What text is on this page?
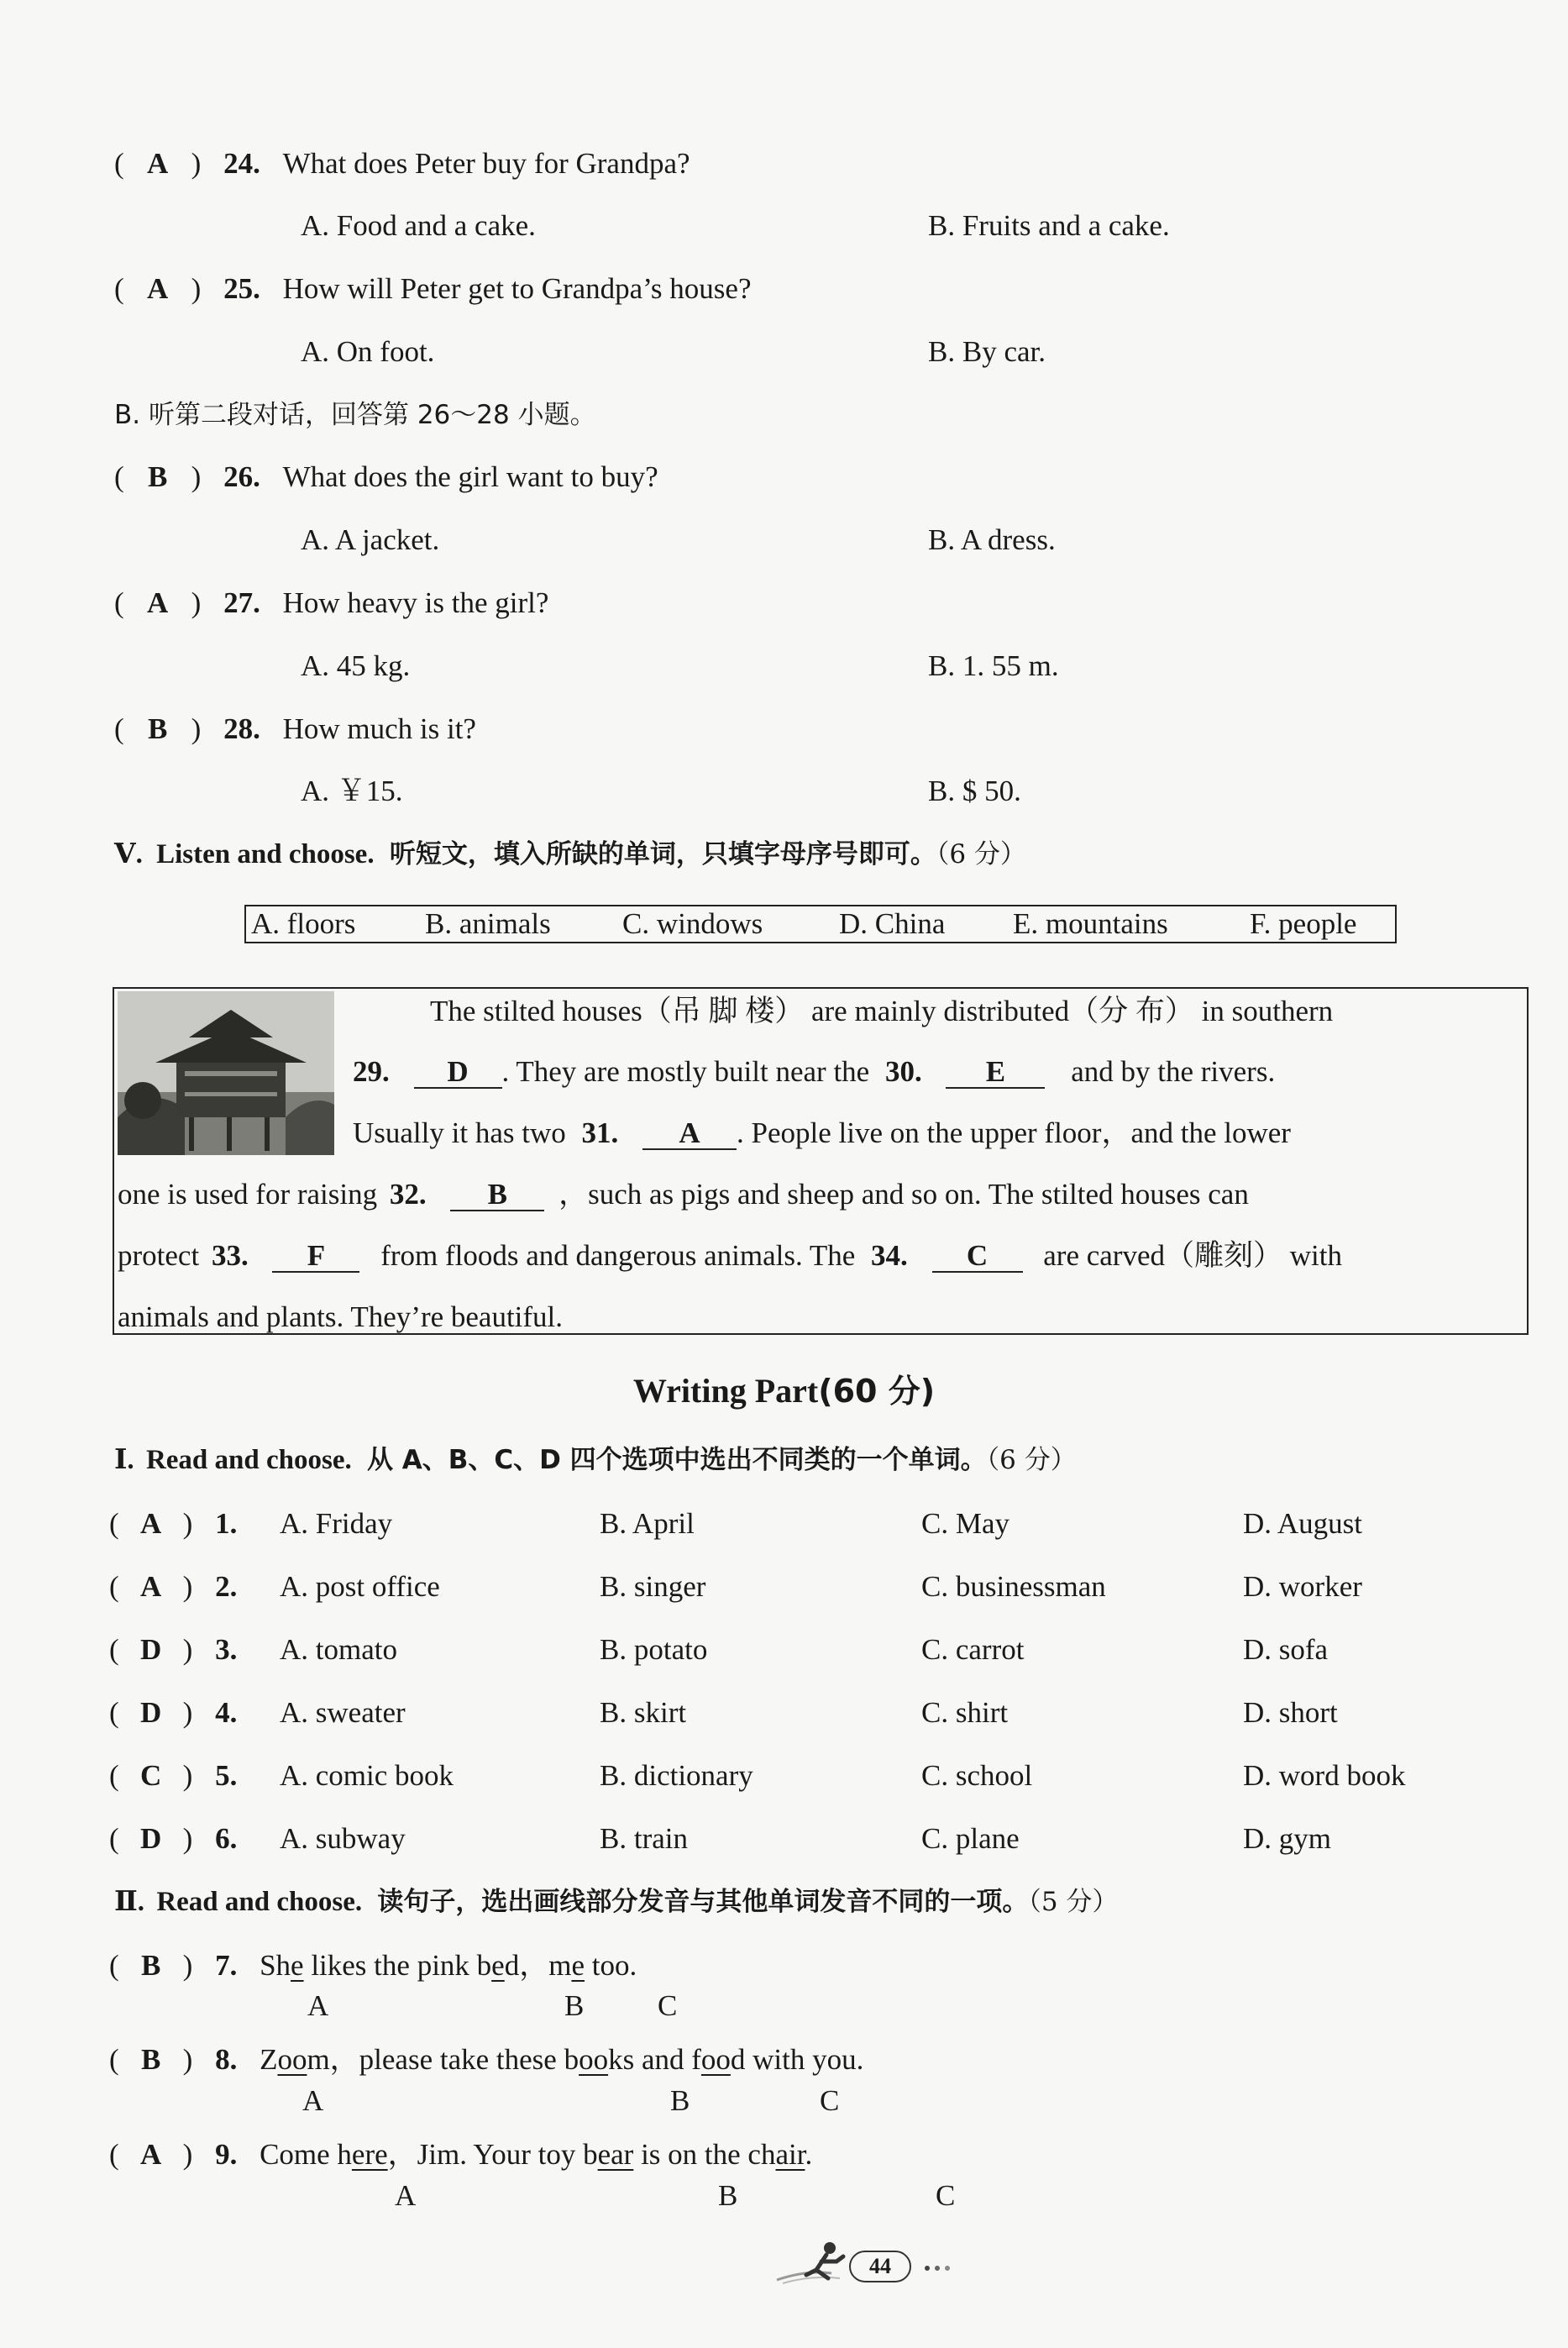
( A ) 24. What does Peter buy for Grandpa?
A. Food and a cake.	B. Fruits and a cake.
( A ) 25. How will Peter get to Grandpa’s house?
A. On foot.	B. By car.
B. 听第二段对话，回答第 26～28 小题。
( B ) 26. What does the girl want to buy?
A. A jacket.	B. A dress.
( A ) 27. How heavy is the girl?
A. 45 kg.	B. 1. 55 m.
( B ) 28. How much is it?
A. ￥15.	B. $ 50.
Ⅴ. Listen and choose. 听短文，填入所缺的单词，只填字母序号即可。（6 分）
A. floors B. animals C. windows	D. China E. mountains	F. people
The stilted houses（吊 脚 楼） are mainly distributed（分 布） in southern
29. D . They are mostly built near the 30. E and by the rivers.
Usually it has two 31. A . People live on the upper floor，and the lower
one is used for raising 32. B ，such as pigs and sheep and so on. The stilted houses can
protect 33. F from floods and dangerous animals. The 34. C are carved（雕刻） with
animals and plants. They’re beautiful.
Writing Part(60 分)
Ⅰ. Read and choose. 从 A、B、C、D 四个选项中选出不同类的一个单词。（6 分）
( A ) 1. A. Friday	B. April	C. May	D. August
( A ) 2. A. post office	B. singer	C. businessman	D. worker
( D ) 3. A. tomato	B. potato	C. carrot	D. sofa
( D ) 4. A. sweater	B. skirt	C. shirt	D. short
( C ) 5. A. comic book	B. dictionary	C. school	D. word book
( D ) 6. A. subway	B. train	C. plane	D. gym
Ⅱ. Read and choose. 读句子，选出画线部分发音与其他单词发音不同的一项。（5 分）
( B ) 7. She likes the pink bed，me too.
A	B	C
( B ) 8. Zoom，please take these books and food with you.
A	B	C
( A ) 9. Come here，Jim. Your toy bear is on the chair.
A	B	C
44
